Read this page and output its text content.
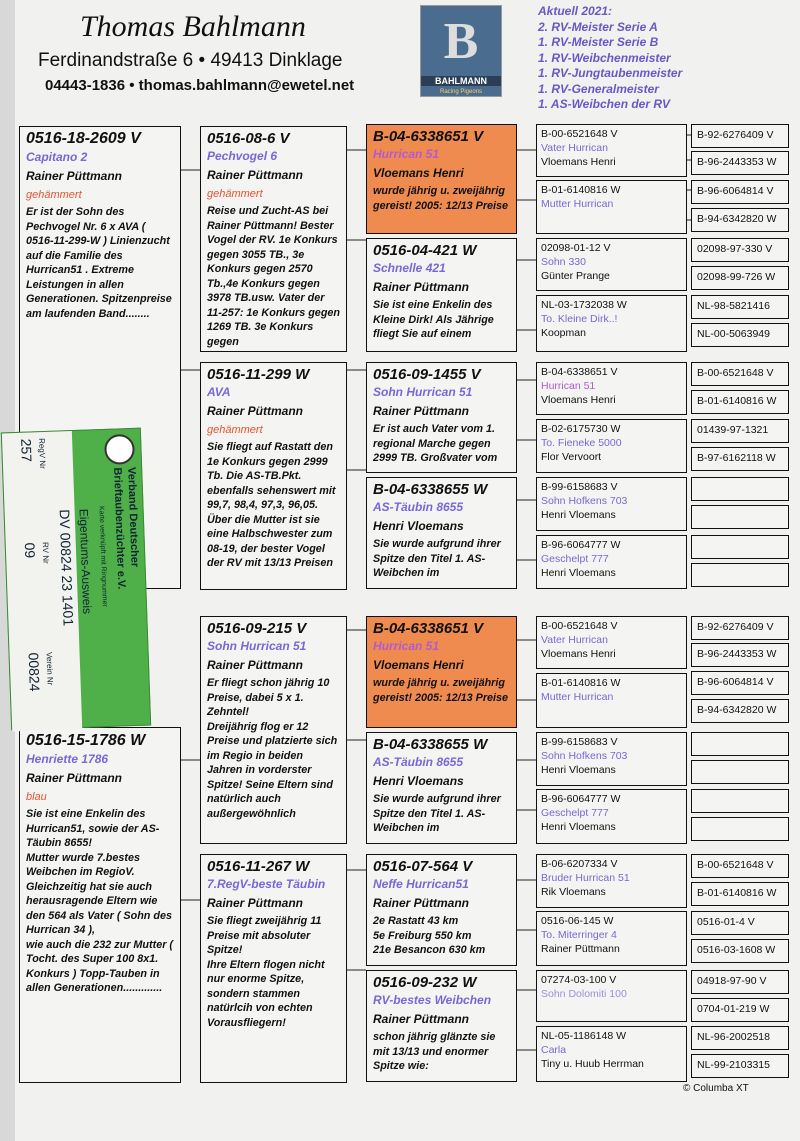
Thomas Bahlmann
Ferdinandstraße 6 • 49413 Dinklage
04443-1836 • thomas.bahlmann@ewetel.net
B
BAHLMANN
Racing Pigeons
Aktuell 2021:
2. RV-Meister Serie A
1. RV-Meister Serie B
1. RV-Weibchenmeister
1. RV-Jungtaubenmeister
1. RV-Generalmeister
1. AS-Weibchen der RV
0516-18-2609 V
Capitano 2
Rainer Püttmann
gehämmert
Er ist der Sohn des Pechvogel Nr. 6 x AVA ( 0516-11-299-W ) Linienzucht auf die Familie des Hurrican51 . Extreme Leistungen in allen Generationen. Spitzenpreise am laufenden Band........
0516-15-1786 W
Henriette 1786
Rainer Püttmann
blau
Sie ist eine Enkelin des Hurrican51, sowie der AS-Täubin 8655!
Mutter wurde 7.bestes Weibchen im RegioV. Gleichzeitig hat sie auch herausragende Eltern wie den 564 als Vater ( Sohn des Hurrican 34 ),
wie auch die 232 zur Mutter ( Tocht. des Super 100 8x1. Konkurs ) Topp-Tauben in allen Generationen.............
0516-08-6 V
Pechvogel 6
Rainer Püttmann
gehämmert
Reise und Zucht-AS bei Rainer Püttmann! Bester Vogel der RV. 1e Konkurs gegen 3055 TB., 3e Konkurs gegen 2570 Tb.,4e Konkurs gegen 3978 TB.usw. Vater der 11-257: 1e Konkurs gegen 1269 TB. 3e Konkurs gegen
0516-11-299 W
AVA
Rainer Püttmann
gehämmert
Sie fliegt auf Rastatt den 1e Konkurs gegen 2999 Tb. Die AS-TB.Pkt. ebenfalls sehenswert mit 99,7, 98,4, 97,3, 96,05. Über die Mutter ist sie eine Halbschwester zum 08-19, der bester Vogel der RV mit 13/13 Preisen
0516-09-215 V
Sohn Hurrican 51
Rainer Püttmann
Er fliegt schon jährig 10 Preise, dabei 5 x 1. Zehntel!
Dreijährig flog er 12 Preise und platzierte sich im Regio in beiden Jahren in vorderster Spitze! Seine Eltern sind natürlich auch außergewöhnlich
0516-11-267 W
7.RegV-beste Täubin
Rainer Püttmann
Sie fliegt zweijährig 11 Preise mit absoluter Spitze!
Ihre Eltern flogen nicht nur enorme Spitze, sondern stammen natürlcih von echten Vorausfliegern!
B-04-6338651 V
Hurrican 51
Vloemans Henri
wurde jährig u. zweijährig gereist! 2005: 12/13 Preise
0516-04-421 W
Schnelle 421
Rainer Püttmann
Sie ist eine Enkelin des Kleine Dirk! Als Jährige fliegt Sie auf einem
0516-09-1455 V
Sohn Hurrican 51
Rainer Püttmann
Er ist auch Vater vom 1. regional Marche gegen 2999 TB. Großvater vom
B-04-6338655 W
AS-Täubin 8655
Henri Vloemans
Sie wurde aufgrund ihrer Spitze den Titel 1. AS-Weibchen im
B-04-6338651 V
Hurrican 51
Vloemans Henri
wurde jährig u. zweijährig gereist! 2005: 12/13 Preise
B-04-6338655 W
AS-Täubin 8655
Henri Vloemans
Sie wurde aufgrund ihrer Spitze den Titel 1. AS-Weibchen im
0516-07-564 V
Neffe Hurrican51
Rainer Püttmann
2e Rastatt 43 km
5e Freiburg 550 km
21e Besancon 630 km
0516-09-232 W
RV-bestes Weibchen
Rainer Püttmann
schon jährig glänzte sie mit 13/13 und enormer Spitze wie:
B-00-6521648 V
Vater Hurrican
Vloemans Henri
B-01-6140816 W
Mutter Hurrican
02098-01-12 V
Sohn 330
Günter Prange
NL-03-1732038 W
To. Kleine Dirk..!
Koopman
B-04-6338651 V
Hurrican 51
Vloemans Henri
B-02-6175730 W
To. Fieneke 5000
Flor Vervoort
B-99-6158683 V
Sohn Hofkens 703
Henri Vloemans
B-96-6064777 W
Geschelpt 777
Henri Vloemans
B-00-6521648 V
Vater Hurrican
Vloemans Henri
B-01-6140816 W
Mutter Hurrican
B-99-6158683 V
Sohn Hofkens 703
Henri Vloemans
B-96-6064777 W
Geschelpt 777
Henri Vloemans
B-06-6207334 V
Bruder Hurrican 51
Rik Vloemans
0516-06-145 W
To. Miterringer 4
Rainer Püttmann
07274-03-100 V
Sohn Dolomiti 100
NL-05-1186148 W
Carla
Tiny u. Huub Herrman
B-92-6276409 V
B-96-2443353 W
B-96-6064814 V
B-94-6342820 W
02098-97-330 V
02098-99-726 W
NL-98-5821416
NL-00-5063949
B-00-6521648 V
B-01-6140816 W
01439-97-1321
B-97-6162118 W
B-92-6276409 V
B-96-2443353 W
B-96-6064814 V
B-94-6342820 W
B-00-6521648 V
B-01-6140816 W
0516-01-4 V
0516-03-1608 W
04918-97-90 V
0704-01-219 W
NL-96-2002518
NL-99-2103315
Verband Deutscher
Brieftaubenzüchter e.V.
Karte verknüpft mit Ringnummer
Eigentums-Ausweis
DV 00824 23 1401
RegV Nr
257
RV Nr
09
Verein Nr
00824
© Columba XT
